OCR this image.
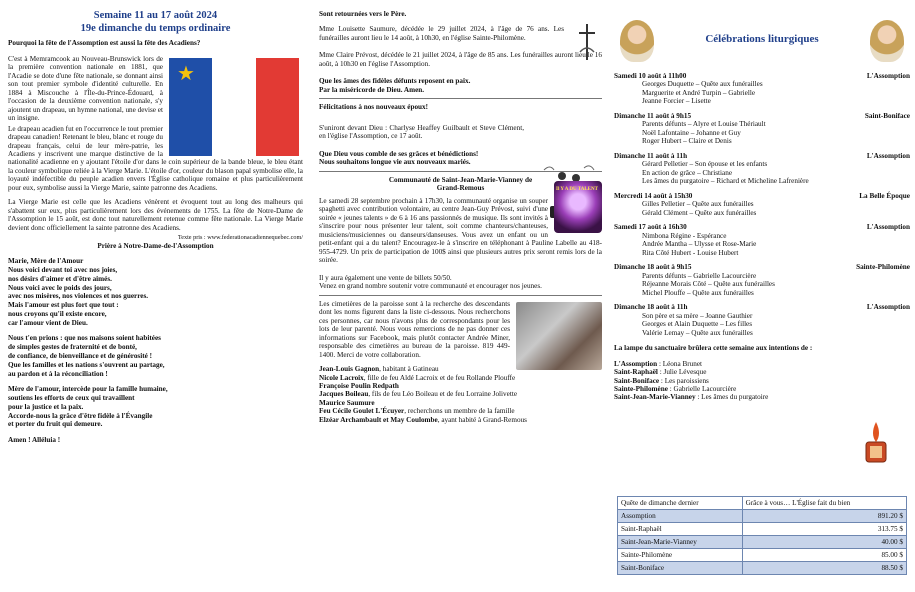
Semaine 11 au 17 août 2024
19e dimanche du temps ordinaire
Pourquoi la fête de l'Assomption est aussi la fête des Acadiens?
★

C'est à Memramcook au Nouveau-Brunswick lors de la première convention nationale en 1881, que l'Acadie se dote d'une fête nationale, se donnant ainsi son tout premier symbole d'identité culturelle. En 1884 à Miscouche à l'Île-du-Prince-Édouard, à l'occasion de la deuxième convention nationale, s'y ajoutent un drapeau, un hymne national, une devise et un insigne.

Le drapeau acadien fut en l'occurrence le tout premier drapeau canadien! Retenant le bleu, blanc et rouge du drapeau français, celui de leur mère-patrie, les Acadiens y inscrivent une marque distinctive de la nationalité acadienne en y ajoutant l'étoile d'or dans le coin supérieur de la bande bleue, le bleu étant la couleur symbolique reliée à la Vierge Marie. L'étoile d'or, couleur du blason papal symbolise elle, la loyauté indéfectible du peuple acadien envers l'Église catholique romaine et plus particulièrement pour eux, symbolise aussi la Vierge Marie, sainte patronne des Acadiens.

La Vierge Marie est celle que les Acadiens vénèrent et évoquent tout au long des malheurs qui s'abattent sur eux, plus particulièrement lors des événements de 1755. La fête de Notre-Dame de l'Assomption le 15 août, est donc tout naturellement retenue comme fête nationale. La Vierge Marie devient donc officiellement la sainte patronne des Acadiens.

Texte pris : www.federationacadiennequebec.com/
Prière à Notre-Dame-de-l'Assomption
Marie, Mère de l'Amour
Nous voici devant toi avec nos joies,
nos désirs d'aimer et d'être aimés.
Nous voici avec le poids des jours,
avec nos misères, nos violences et nos guerres.
Mais l'amour est plus fort que tout :
nous croyons qu'il existe encore,
car l'amour vient de Dieu.
Nous t'en prions : que nos maisons soient habitées
de simples gestes de fraternité et de bonté,
de confiance, de bienveillance et de générosité !
Que les familles et les nations s'ouvrent au partage,
au pardon et à la réconciliation !
Mère de l'amour, intercède pour la famille humaine,
soutiens les efforts de ceux qui travaillent
pour la justice et la paix.
Accorde-nous la grâce d'être fidèle à l'Évangile
et porter du fruit qui demeure.
Amen ! Alléluia !
Sont retournées vers le Père.

Mme Louisette Saumure, décédée le 29 juillet 2024, à l'âge de 76 ans. Les funérailles auront lieu le 14 août, à 10h30, en l'église Sainte-Philomène.

Mme Claire Prévost, décédée le 21 juillet 2024, à l'âge de 85 ans. Les funérailles auront lieu le 16 août, à 10h30 en l'église l'Assomption.

Que les âmes des fidèles défunts reposent en paix.
Par la miséricorde de Dieu. Amen.
Félicitations à nos nouveaux époux!

S'uniront devant Dieu : Charlyse Heaffey Guilbault et Steve Clément, en l'église l'Assomption, ce 17 août.

Que Dieu vous comble de ses grâces et bénédictions!
Nous souhaitons longue vie aux nouveaux mariés.
Communauté de Saint-Jean-Marie-Vianney de
Grand-Remous	Il Y A DU TALENT

Le samedi 28 septembre prochain à 17h30, la communauté organise un souper spaghetti avec contribution volontaire, au centre Jean-Guy Prévost, suivi d'une soirée « jeunes talents » de 6 à 16 ans passionnés de musique. Ils sont invités à s'inscrire pour nous présenter leur talent, soit comme chanteurs/chanteuses, musiciens/musiciennes ou danseurs/danseuses. Vous avez un enfant ou un petit-enfant qui a du talent? Encouragez-le à s'inscrire en téléphonant à Pauline Labelle au 418-955-4729. Un prix de participation de 100$ ainsi que plusieurs autres prix seront remis lors de la soirée.

Il y aura également une vente de billets 50/50.
Venez en grand nombre soutenir votre communauté et encourager nos jeunes.

Les cimetières de la paroisse sont à la recherche des descendants dont les noms figurent dans la liste ci-dessous. Nous recherchons ces personnes, car nous n'avons plus de correspondants pour les lots de leur parenté. Nous vous remercions de ne pas donner ces informations sur Facebook, mais plutôt contacter Andrée Miner, responsable des cimetières au bureau de la paroisse. 819 449-1400. Merci de votre collaboration.

Jean-Louis Gagnon, habitant à Gatineau
Nicole Lacroix, fille de feu Aldé Lacroix et de feu Rollande Plouffe
Françoise Poulin Redpath
Jacques Boileau, fils de feu Léo Boileau et de feu Lorraine Jolivette
Maurice Saumure
Feu Cécile Goulet L'Écuyer, recherchons un membre de la famille
Elzéar Archambault et May Coulombe, ayant habité à Grand-Remous
Célébrations liturgiques
Samedi 10 août à 11h00	L'Assomption
Georges Duquette – Quête aux funérailles
Marguerite et André Turpin – Gabrielle
Jeanne Forcier – Lisette
Dimanche 11 août à 9h15	Saint-Boniface
Parents défunts – Alyre et Louise Thériault
Noël Lafontaine – Johanne et Guy
Roger Hubert – Claire et Denis
Dimanche 11 août à 11h	L'Assomption
Gérard Pelletier – Son épouse et les enfants
En action de grâce – Christiane
Les âmes du purgatoire – Richard et Micheline Lafrenière
Mercredi 14 août à 15h30	La Belle Époque
Gilles Pelletier – Quête aux funérailles
Gérald Clément – Quête aux funérailles
Samedi 17 août à 16h30	L'Assomption
Nimbona Régine - Espérance
Andrée Mantha – Ulysse et Rose-Marie
Rita Côté Hubert - Louise Hubert
Dimanche 18 août à 9h15	Sainte-Philomène
Parents défunts – Gabrielle Lacourcière
Réjeanne Morais Côté – Quête aux funérailles
Michel Plouffe – Quête aux funérailles
Dimanche 18 août à 11h	L'Assomption
Son père et sa mère – Joanne Gauthier
Georges et Alain Duquette – Les filles
Valérie Lemay – Quête aux funérailles
La lampe du sanctuaire brûlera cette semaine aux intentions de :
L'Assomption : Léona Brunet
Saint-Raphaël : Julie Lévesque
Saint-Boniface : Les paroissiens
Sainte-Philomène : Gabrielle Lacourcière
Saint-Jean-Marie-Vianney : Les âmes du purgatoire
Quête de dimanche dernier	Grâce à vous… L'Église fait du bien
Assomption	891.20 $
Saint-Raphaël	313.75 $
Saint-Jean-Marie-Vianney	40.00 $
Sainte-Philomène	85.00 $
Saint-Boniface	88.50 $
